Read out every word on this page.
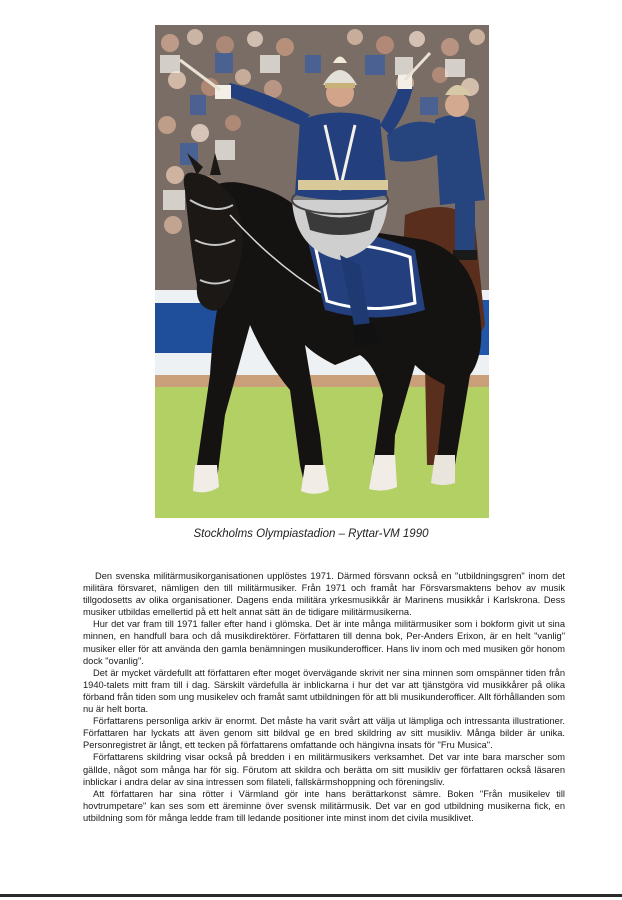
Stockholms Olympiastadion – Ryttar-VM 1990

Den svenska militärmusikorganisationen upplöstes 1971. Därmed försvann också en "utbildningsgren" inom det militära försvaret, nämligen den till militärmusiker. Från 1971 och framåt har Försvarsmaktens behov av musik tillgodosetts av olika organisationer. Dagens enda militära yrkesmusikkår är Marinens musikkår i Karlskrona. Dess musiker utbildas emellertid på ett helt annat sätt än de tidigare militärmusikerna.

Hur det var fram till 1971 faller efter hand i glömska. Det är inte många militärmusiker som i bokform givit ut sina minnen, en handfull bara och då musikdirektörer. Författaren till denna bok, Per-Anders Erixon, är en helt "vanlig" musiker eller för att använda den gamla benämningen musikunderofficer. Hans liv inom och med musiken gör honom dock "ovanlig".

Det är mycket värdefullt att författaren efter moget övervägande skrivit ner sina minnen som omspänner tiden från 1940-talets mitt fram till i dag. Särskilt värdefulla är inblickarna i hur det var att tjänstgöra vid musikkårer på olika förband från tiden som ung musikelev och framåt samt utbildningen för att bli musikunderofficer. Allt förhållanden som nu är helt borta.

Författarens personliga arkiv är enormt. Det måste ha varit svårt att välja ut lämpliga och intressanta illustrationer. Författaren har lyckats att även genom sitt bildval ge en bred skildring av sitt musikliv. Många bilder är unika. Personregistret är långt, ett tecken på författarens omfattande och hängivna insats för "Fru Musica".

Författarens skildring visar också på bredden i en militärmusikers verksamhet. Det var inte bara marscher som gällde, något som många har för sig. Förutom att skildra och berätta om sitt musikliv ger författaren också läsaren inblickar i andra delar av sina intressen som filateli, fallskärmshoppning och föreningsliv.

Att författaren har sina rötter i Värmland gör inte hans berättarkonst sämre. Boken "Från musikelev till hovtrumpetare" kan ses som ett äreminne över svensk militärmusik. Det var en god utbildning musikerna fick, en utbildning som för många ledde fram till ledande positioner inte minst inom det civila musiklivet.
